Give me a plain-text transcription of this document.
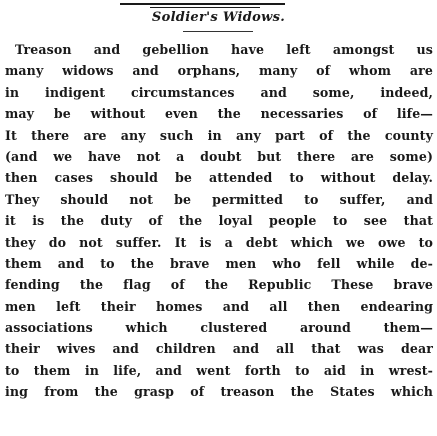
Soldier's Widows.
Treason and gebellion have left amongst us
many widows and orphans, many of whom are
in indigent circumstances and some, indeed,
may be without even the necessaries of life—
It there are any such in any part of the county
(and we have not a doubt but there are some)
then cases should be attended to without delay.
They should not be permitted to suffer, and
it is the duty of the loyal people to see that
they do not suffer. It is a debt which we owe to
them and to the brave men who fell while de-
fending the flag of the Republic These brave
men left their homes and all then endearing
associations which clustered around them—
their wives and children and all that was dear
to them in life, and went forth to aid in wrest-
ing from the grasp of treason the States which
